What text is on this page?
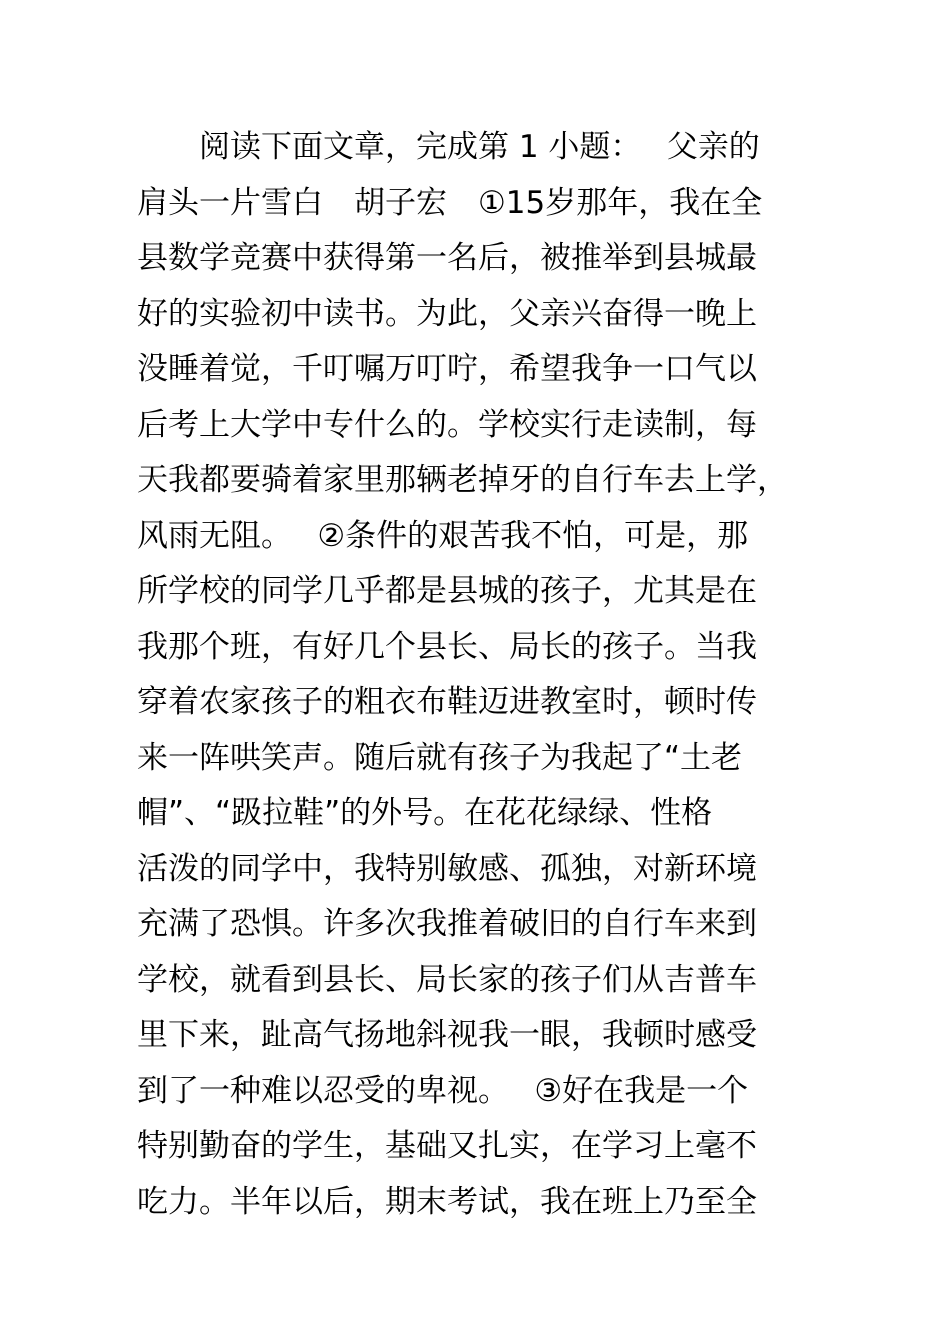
　　阅读下面文章，完成第 1 小题：　 父亲的
肩头一片雪白　胡子宏　①15岁那年，我在全
县数学竞赛中获得第一名后，被推举到县城最
好的实验初中读书。为此，父亲兴奋得一晚上
没睡着觉，千叮嘱万叮咛，希望我争一口气以
后考上大学中专什么的。学校实行走读制，每
天我都要骑着家里那辆老掉牙的自行车去上学，
风雨无阻。　 ②条件的艰苦我不怕，可是，那
所学校的同学几乎都是县城的孩子，尤其是在
我那个班，有好几个县长、局长的孩子。当我
穿着农家孩子的粗衣布鞋迈进教室时，顿时传
来一阵哄笑声。随后就有孩子为我起了“土老
帽”、“趿拉鞋”的外号。在花花绿绿、性格
活泼的同学中，我特别敏感、孤独，对新环境
充满了恐惧。许多次我推着破旧的自行车来到
学校，就看到县长、局长家的孩子们从吉普车
里下来，趾高气扬地斜视我一眼，我顿时感受
到了一种难以忍受的卑视。　 ③好在我是一个
特别勤奋的学生，基础又扎实，在学习上毫不
吃力。半年以后，期末考试，我在班上乃至全
